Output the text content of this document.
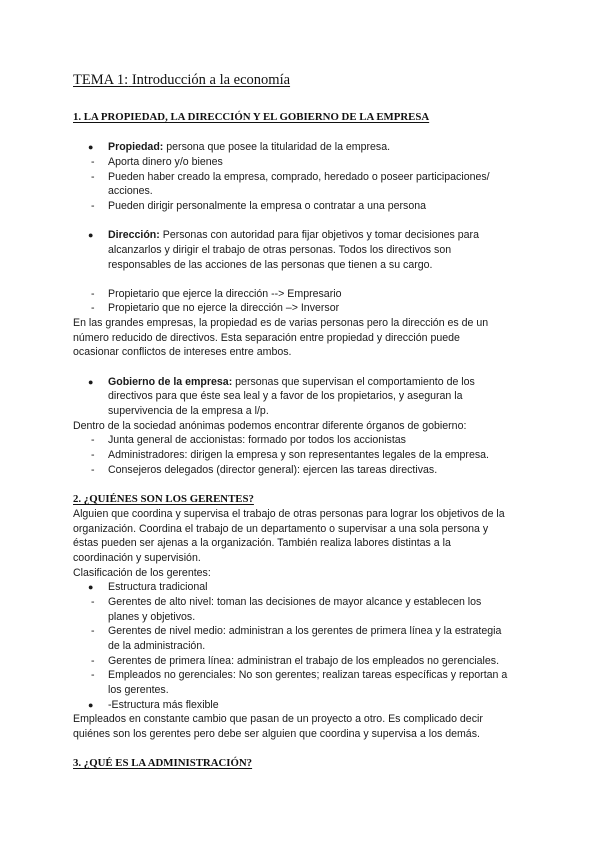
TEMA 1: Introducción a la economía
1. LA PROPIEDAD, LA DIRECCIÓN Y EL GOBIERNO DE LA EMPRESA
● Propiedad: persona que posee la titularidad de la empresa.
- Aporta dinero y/o bienes
- Pueden haber creado la empresa, comprado, heredado o poseer participaciones/
acciones.
- Pueden dirigir personalmente la empresa o contratar a una persona
● Dirección: Personas con autoridad para fijar objetivos y tomar decisiones para
alcanzarlos y dirigir el trabajo de otras personas. Todos los directivos son
responsables de las acciones de las personas que tienen a su cargo.
- Propietario que ejerce la dirección --> Empresario
- Propietario que no ejerce la dirección –> Inversor
En las grandes empresas, la propiedad es de varias personas pero la dirección es de un
número reducido de directivos. Esta separación entre propiedad y dirección puede
ocasionar conflictos de intereses entre ambos.
● Gobierno de la empresa: personas que supervisan el comportamiento de los
directivos para que éste sea leal y a favor de los propietarios, y aseguran la
supervivencia de la empresa a l/p.
Dentro de la sociedad anónimas podemos encontrar diferente órganos de gobierno:
- Junta general de accionistas: formado por todos los accionistas
- Administradores: dirigen la empresa y son representantes legales de la empresa.
- Consejeros delegados (director general): ejercen las tareas directivas.
2. ¿QUIÉNES SON LOS GERENTES?
Alguien que coordina y supervisa el trabajo de otras personas para lograr los objetivos de la
organización. Coordina el trabajo de un departamento o supervisar a una sola persona y
éstas pueden ser ajenas a la organización. También realiza labores distintas a la
coordinación y supervisión.
Clasificación de los gerentes:
● Estructura tradicional
- Gerentes de alto nivel: toman las decisiones de mayor alcance y establecen los
planes y objetivos.
- Gerentes de nivel medio: administran a los gerentes de primera línea y la estrategia
de la administración.
- Gerentes de primera línea: administran el trabajo de los empleados no gerenciales.
- Empleados no gerenciales: No son gerentes; realizan tareas específicas y reportan a
los gerentes.
● -Estructura más flexible
Empleados en constante cambio que pasan de un proyecto a otro. Es complicado decir
quiénes son los gerentes pero debe ser alguien que coordina y supervisa a los demás.
3. ¿QUÉ ES LA ADMINISTRACIÓN?
